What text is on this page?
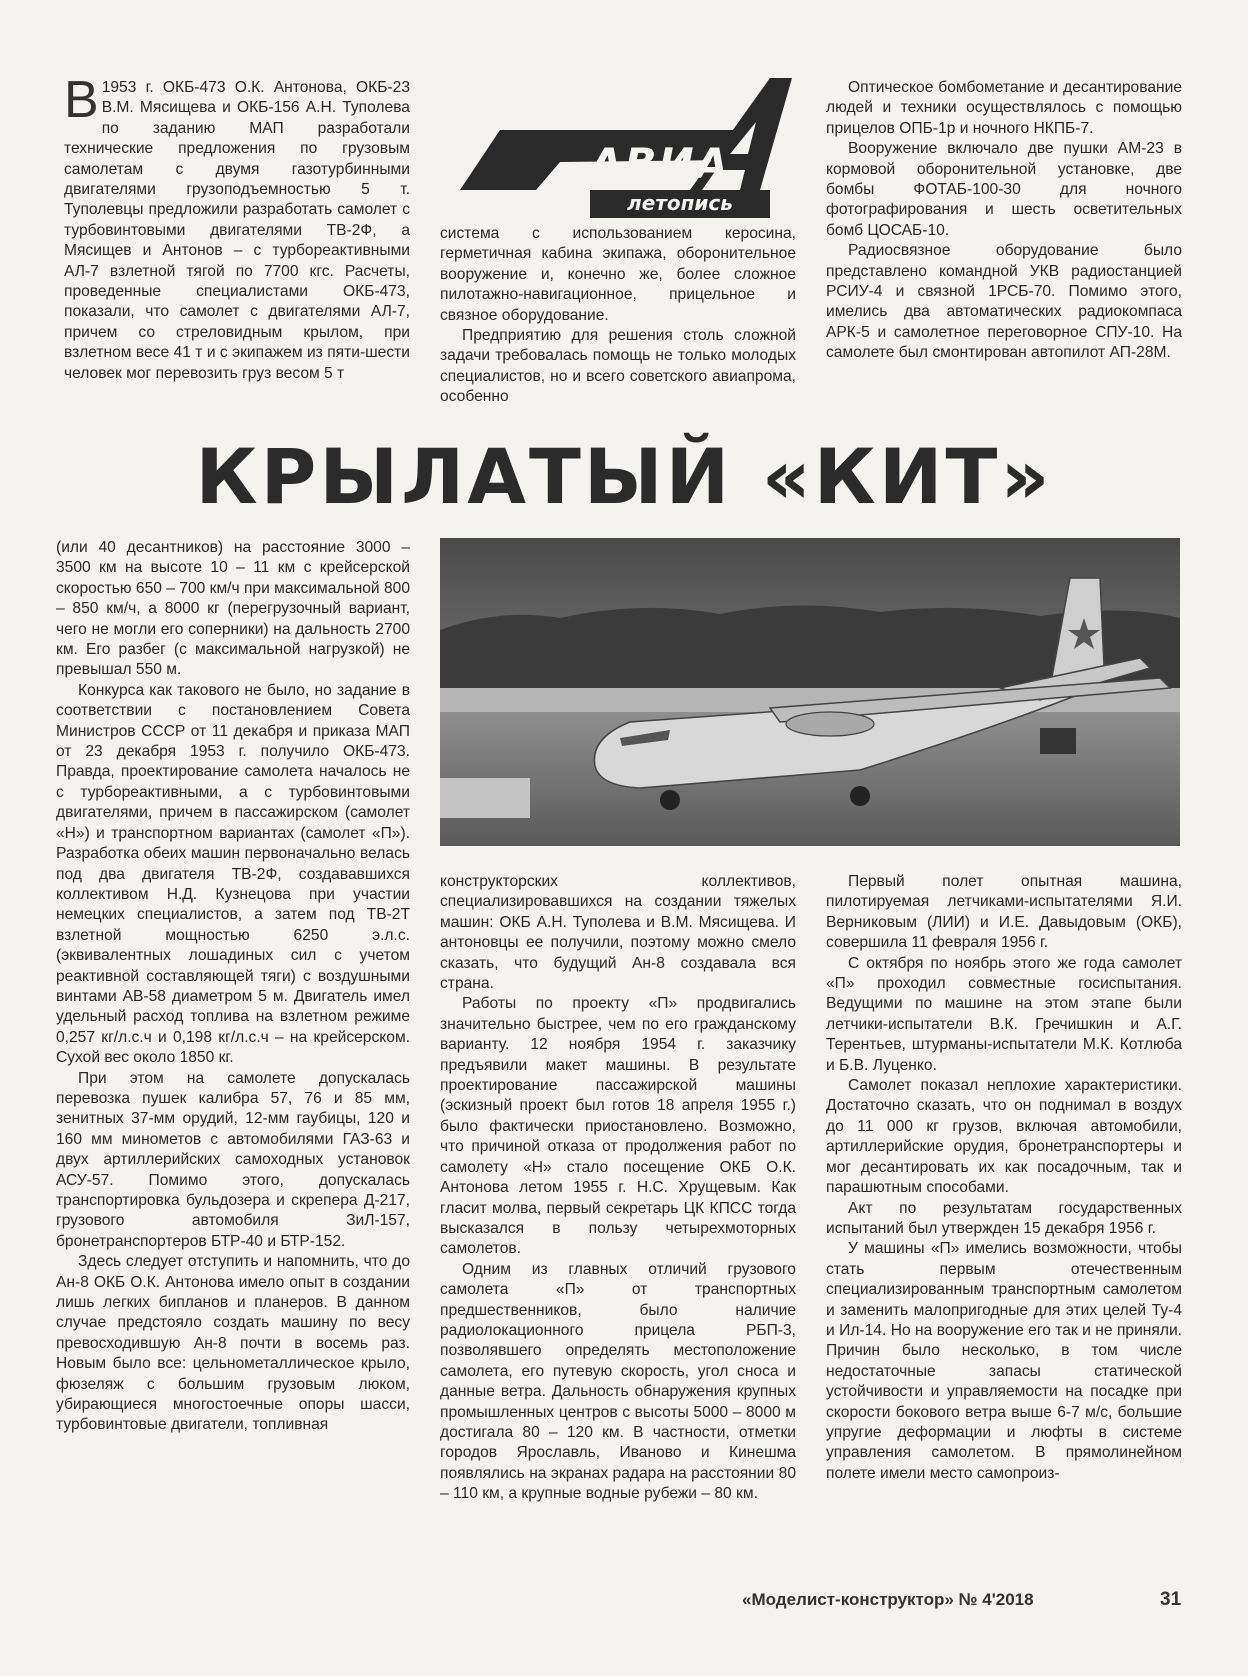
В 1953 г. ОКБ-473 О.К. Антонова, ОКБ-23 В.М. Мясищева и ОКБ-156 А.Н. Туполева по заданию МАП разработали технические предложения по грузовым самолетам с двумя газотурбинными двигателями грузоподъемностью 5 т. Туполевцы предложили разработать самолет с турбовинтовыми двигателями ТВ-2Ф, а Мясищев и Антонов – с турбореактивными АЛ-7 взлетной тягой по 7700 кгс. Расчеты, проведенные специалистами ОКБ-473, показали, что самолет с двигателями АЛ-7, причем со стреловидным крылом, при взлетном весе 41 т и с экипажем из пяти-шести человек мог перевозить груз весом 5 т

АВИА
летопись

система с использованием керосина, герметичная кабина экипажа, оборонительное вооружение и, конечно же, более сложное пилотажно-навигационное, прицельное и связное оборудование.

Предприятию для решения столь сложной задачи требовалась помощь не только молодых специалистов, но и всего советского авиапрома, особенно

Оптическое бомбометание и десантирование людей и техники осуществлялось с помощью прицелов ОПБ-1р и ночного НКПБ-7.

Вооружение включало две пушки АМ-23 в кормовой оборонительной установке, две бомбы ФОТАБ-100-30 для ночного фотографирования и шесть осветительных бомб ЦОСАБ-10.

Радиосвязное оборудование было представлено командной УКВ радиостанцией РСИУ-4 и связной 1РСБ-70. Помимо этого, имелись два автоматических радиокомпаса АРК-5 и самолетное переговорное СПУ-10. На самолете был смонтирован автопилот АП-28М.

КРЫЛАТЫЙ «КИТ»

(или 40 десантников) на расстояние 3000 – 3500 км на высоте 10 – 11 км с крейсерской скоростью 650 – 700 км/ч при максимальной 800 – 850 км/ч, а 8000 кг (перегрузочный вариант, чего не могли его соперники) на дальность 2700 км. Его разбег (с максимальной нагрузкой) не превышал 550 м.

Конкурса как такового не было, но задание в соответствии с постановлением Совета Министров СССР от 11 декабря и приказа МАП от 23 декабря 1953 г. получило ОКБ-473. Правда, проектирование самолета началось не с турбореактивными, а с турбовинтовыми двигателями, причем в пассажирском (самолет «Н») и транспортном вариантах (самолет «П»). Разработка обеих машин первоначально велась под два двигателя ТВ-2Ф, создававшихся коллективом Н.Д. Кузнецова при участии немецких специалистов, а затем под ТВ-2Т взлетной мощностью 6250 э.л.с. (эквивалентных лошадиных сил с учетом реактивной составляющей тяги) с воздушными винтами АВ-58 диаметром 5 м. Двигатель имел удельный расход топлива на взлетном режиме 0,257 кг/л.с.ч и 0,198 кг/л.с.ч – на крейсерском. Сухой вес около 1850 кг.

При этом на самолете допускалась перевозка пушек калибра 57, 76 и 85 мм, зенитных 37-мм орудий, 12-мм гаубицы, 120 и 160 мм минометов с автомобилями ГАЗ-63 и двух артиллерийских самоходных установок АСУ-57. Помимо этого, допускалась транспортировка бульдозера и скрепера Д-217, грузового автомобиля ЗиЛ-157, бронетранспортеров БТР-40 и БТР-152.

Здесь следует отступить и напомнить, что до Ан-8 ОКБ О.К. Антонова имело опыт в создании лишь легких бипланов и планеров. В данном случае предстояло создать машину по весу превосходившую Ан-8 почти в восемь раз. Новым было все: цельнометаллическое крыло, фюзеляж с большим грузовым люком, убирающиеся многостоечные опоры шасси, турбовинтовые двигатели, топливная

конструкторских коллективов, специализировавшихся на создании тяжелых машин: ОКБ А.Н. Туполева и В.М. Мясищева. И антоновцы ее получили, поэтому можно смело сказать, что будущий Ан-8 создавала вся страна.

Работы по проекту «П» продвигались значительно быстрее, чем по его гражданскому варианту. 12 ноября 1954 г. заказчику предъявили макет машины. В результате проектирование пассажирской машины (эскизный проект был готов 18 апреля 1955 г.) было фактически приостановлено. Возможно, что причиной отказа от продолжения работ по самолету «Н» стало посещение ОКБ О.К. Антонова летом 1955 г. Н.С. Хрущевым. Как гласит молва, первый секретарь ЦК КПСС тогда высказался в пользу четырехмоторных самолетов.

Одним из главных отличий грузового самолета «П» от транспортных предшественников, было наличие радиолокационного прицела РБП-3, позволявшего определять местоположение самолета, его путевую скорость, угол сноса и данные ветра. Дальность обнаружения крупных промышленных центров с высоты 5000 – 8000 м достигала 80 – 120 км. В частности, отметки городов Ярославль, Иваново и Кинешма появлялись на экранах радара на расстоянии 80 – 110 км, а крупные водные рубежи – 80 км.

Первый полет опытная машина, пилотируемая летчиками-испытателями Я.И. Верниковым (ЛИИ) и И.Е. Давыдовым (ОКБ), совершила 11 февраля 1956 г.

С октября по ноябрь этого же года самолет «П» проходил совместные госиспытания. Ведущими по машине на этом этапе были летчики-испытатели В.К. Гречишкин и А.Г. Терентьев, штурманы-испытатели М.К. Котлюба и Б.В. Луценко.

Самолет показал неплохие характеристики. Достаточно сказать, что он поднимал в воздух до 11 000 кг грузов, включая автомобили, артиллерийские орудия, бронетранспортеры и мог десантировать их как посадочным, так и парашютным способами.

Акт по результатам государственных испытаний был утвержден 15 декабря 1956 г.

У машины «П» имелись возможности, чтобы стать первым отечественным специализированным транспортным самолетом и заменить малопригодные для этих целей Ту-4 и Ил-14. Но на вооружение его так и не приняли. Причин было несколько, в том числе недостаточные запасы статической устойчивости и управляемости на посадке при скорости бокового ветра выше 6-7 м/с, большие упругие деформации и люфты в системе управления самолетом. В прямолинейном полете имели место самопроиз-

«Моделист-конструктор» № 4'2018	31
